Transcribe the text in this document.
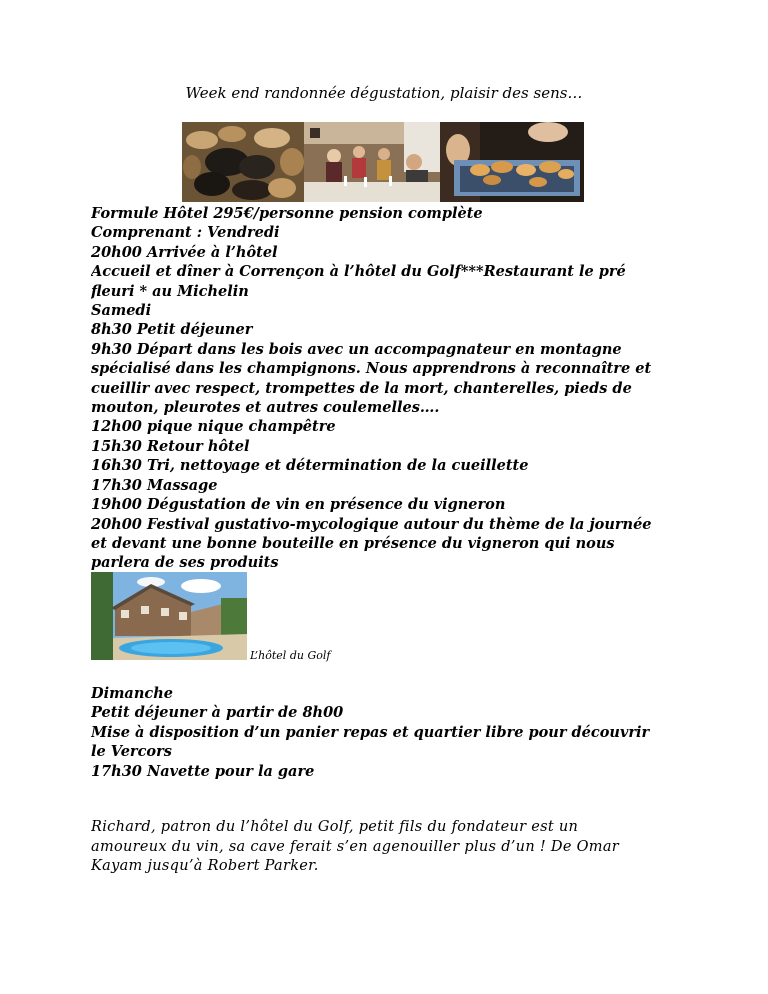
Week end randonnée dégustation, plaisir des sens…
Formule Hôtel 295€/personne pension complète
Comprenant : Vendredi
20h00 Arrivée à l’hôtel
Accueil et dîner à Corrençon à l’hôtel du Golf***Restaurant le pré
fleuri * au Michelin
Samedi
8h30 Petit déjeuner
9h30 Départ dans les bois avec un accompagnateur en montagne
spécialisé dans les champignons. Nous apprendrons à reconnaître et
cueillir avec respect, trompettes de la mort, chanterelles, pieds de
mouton, pleurotes et autres coulemelles….
12h00 pique nique champêtre
15h30 Retour hôtel
16h30 Tri, nettoyage et détermination de la cueillette
17h30 Massage
19h00 Dégustation de vin en présence du vigneron
20h00 Festival gustativo-mycologique autour du thème de la journée
et devant une bonne bouteille en présence du vigneron qui nous
parlera de ses produits
L’hôtel du Golf
Dimanche
Petit déjeuner à partir de 8h00
Mise à disposition d’un panier repas et quartier libre pour découvrir
le Vercors
17h30 Navette pour la gare
Richard, patron du l’hôtel du Golf, petit fils du fondateur est un
amoureux du vin, sa cave ferait s’en agenouiller plus d’un ! De Omar
Kayam jusqu’à Robert Parker.
